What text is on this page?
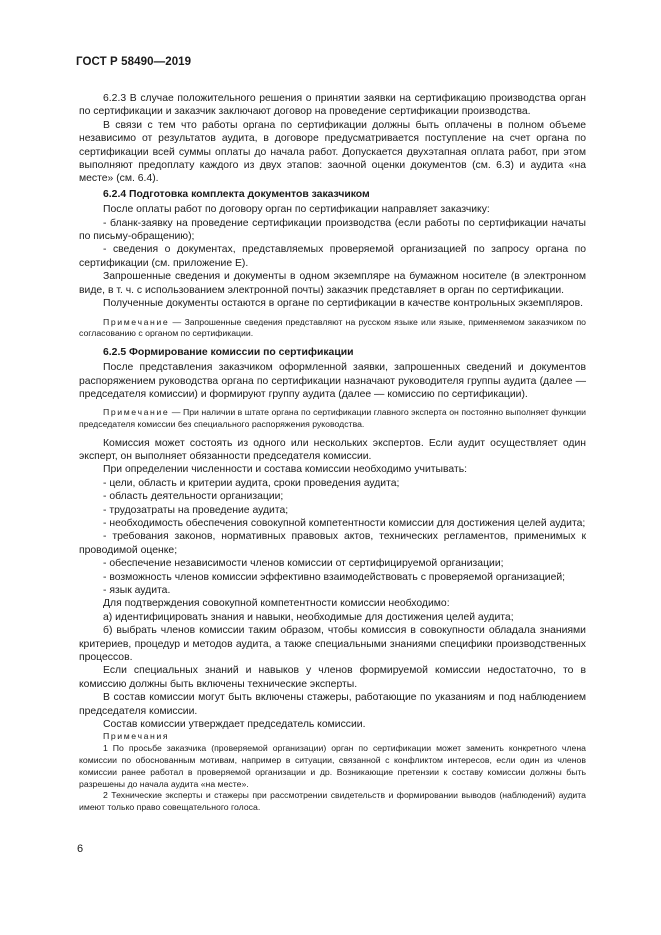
ГОСТ Р 58490—2019

6.2.3 В случае положительного решения о принятии заявки на сертификацию производства орган по сертификации и заказчик заключают договор на проведение сертификации производства.

В связи с тем что работы органа по сертификации должны быть оплачены в полном объеме независимо от результатов аудита, в договоре предусматривается поступление на счет органа по сертификации всей суммы оплаты до начала работ. Допускается двухэтапная оплата работ, при этом выполняют предоплату каждого из двух этапов: заочной оценки документов (см. 6.3) и аудита «на месте» (см. 6.4).

6.2.4 Подготовка комплекта документов заказчиком

После оплаты работ по договору орган по сертификации направляет заказчику:

- бланк-заявку на проведение сертификации производства (если работы по сертификации начаты по письму-обращению);

- сведения о документах, представляемых проверяемой организацией по запросу органа по сертификации (см. приложение Е).

Запрошенные сведения и документы в одном экземпляре на бумажном носителе (в электронном виде, в т. ч. с использованием электронной почты) заказчик представляет в орган по сертификации.

Полученные документы остаются в органе по сертификации в качестве контрольных экземпляров.

Примечание — Запрошенные сведения представляют на русском языке или языке, применяемом заказчиком по согласованию с органом по сертификации.

6.2.5 Формирование комиссии по сертификации

После представления заказчиком оформленной заявки, запрошенных сведений и документов распоряжением руководства органа по сертификации назначают руководителя группы аудита (далее — председателя комиссии) и формируют группу аудита (далее — комиссию по сертификации).

Примечание — При наличии в штате органа по сертификации главного эксперта он постоянно выполняет функции председателя комиссии без специального распоряжения руководства.

Комиссия может состоять из одного или нескольких экспертов. Если аудит осуществляет один эксперт, он выполняет обязанности председателя комиссии.

При определении численности и состава комиссии необходимо учитывать:

- цели, область и критерии аудита, сроки проведения аудита;

- область деятельности организации;

- трудозатраты на проведение аудита;

- необходимость обеспечения совокупной компетентности комиссии для достижения целей аудита;

- требования законов, нормативных правовых актов, технических регламентов, применимых к проводимой оценке;

- обеспечение независимости членов комиссии от сертифицируемой организации;

- возможность членов комиссии эффективно взаимодействовать с проверяемой организацией;

- язык аудита.

Для подтверждения совокупной компетентности комиссии необходимо:

а) идентифицировать знания и навыки, необходимые для достижения целей аудита;

б) выбрать членов комиссии таким образом, чтобы комиссия в совокупности обладала знаниями критериев, процедур и методов аудита, а также специальными знаниями специфики производственных процессов.

Если специальных знаний и навыков у членов формируемой комиссии недостаточно, то в комиссию должны быть включены технические эксперты.

В состав комиссии могут быть включены стажеры, работающие по указаниям и под наблюдением председателя комиссии.

Состав комиссии утверждает председатель комиссии.

Примечания

1 По просьбе заказчика (проверяемой организации) орган по сертификации может заменить конкретного члена комиссии по обоснованным мотивам, например в ситуации, связанной с конфликтом интересов, если один из членов комиссии ранее работал в проверяемой организации и др. Возникающие претензии к составу комиссии должны быть разрешены до начала аудита «на месте».

2 Технические эксперты и стажеры при рассмотрении свидетельств и формировании выводов (наблюдений) аудита имеют только право совещательного голоса.

6
